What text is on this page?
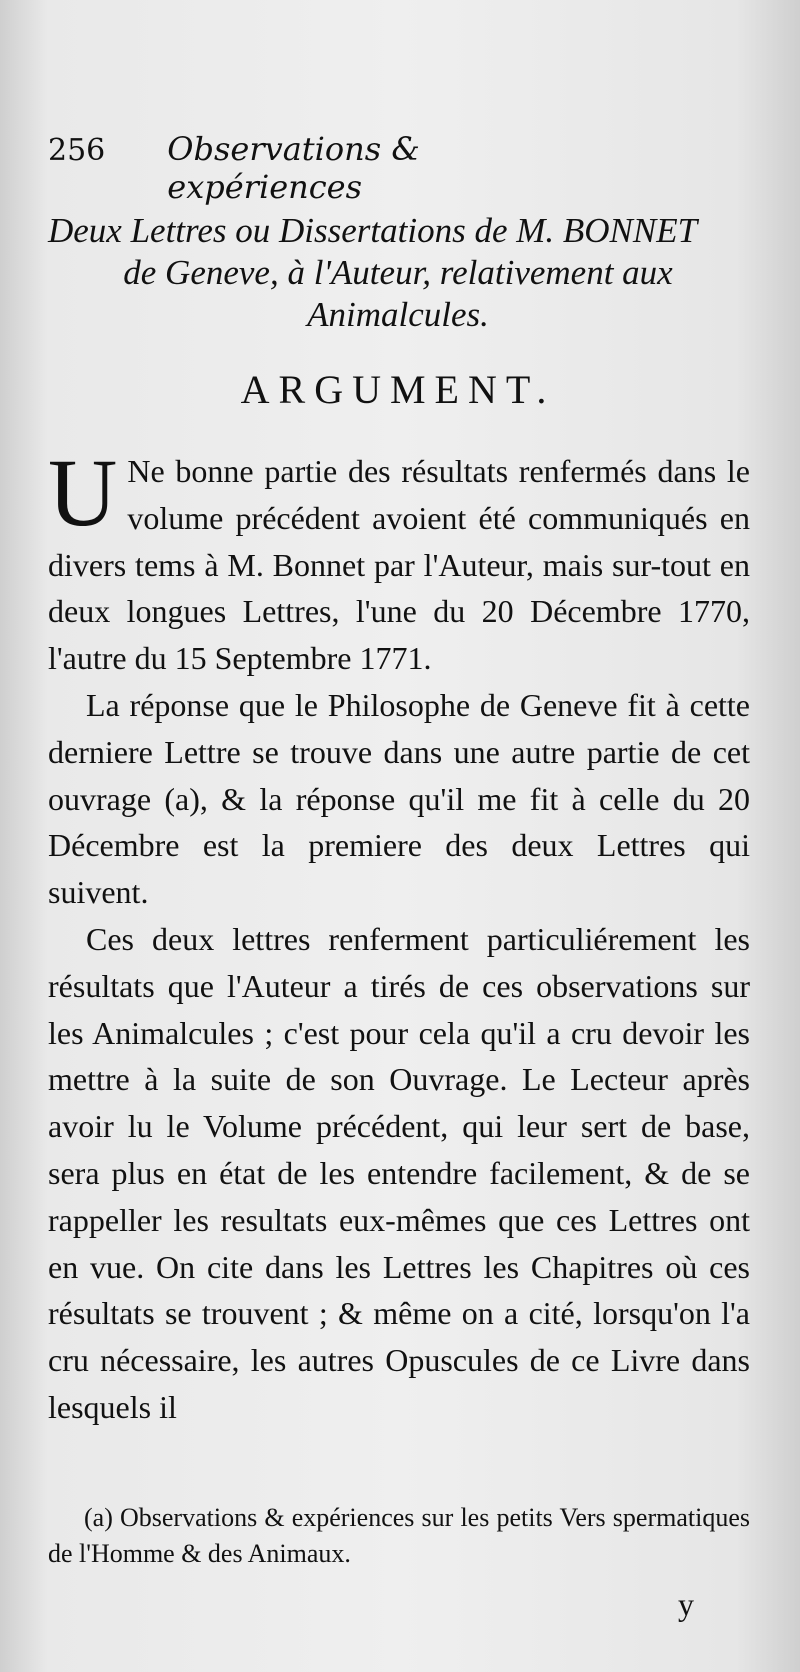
256 Observations & expériences
Deux Lettres ou Dissertations de M. BONNET
de Geneve, à l'Auteur, relativement aux
Animalcules.
ARGUMENT.

U Ne bonne partie des résultats renfermés dans le volume précédent avoient été communiqués en divers tems à M. Bonnet par l'Auteur, mais sur-tout en deux longues Lettres, l'une du 20 Décembre 1770, l'autre du 15 Septembre 1771.

La réponse que le Philosophe de Geneve fit à cette derniere Lettre se trouve dans une autre partie de cet ouvrage (a), & la réponse qu'il me fit à celle du 20 Décembre est la premiere des deux Lettres qui suivent.

Ces deux lettres renferment particuliérement les résultats que l'Auteur a tirés de ces observations sur les Animalcules ; c'est pour cela qu'il a cru devoir les mettre à la suite de son Ouvrage. Le Lecteur après avoir lu le Volume précédent, qui leur sert de base, sera plus en état de les entendre facilement, & de se rappeller les resultats eux-mêmes que ces Lettres ont en vue. On cite dans les Lettres les Chapitres où ces résultats se trouvent ; & même on a cité, lorsqu'on l'a cru nécessaire, les autres Opuscules de ce Livre dans lesquels il

(a) Observations & expériences sur les petits Vers spermatiques de l'Homme & des Animaux.
y
